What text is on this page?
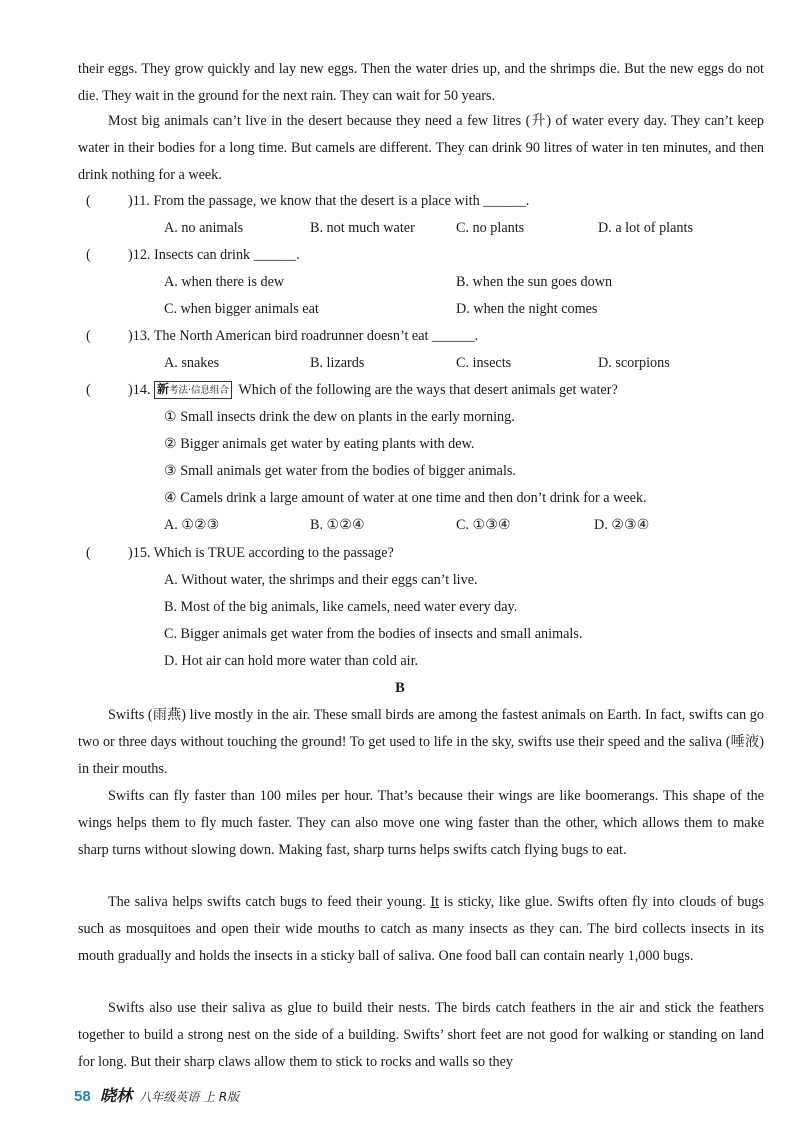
their eggs. They grow quickly and lay new eggs. Then the water dries up, and the shrimps die. But the new eggs do not die. They wait in the ground for the next rain. They can wait for 50 years.

Most big animals can’t live in the desert because they need a few litres (升) of water every day. They can’t keep water in their bodies for a long time. But camels are different. They can drink 90 litres of water in ten minutes, and then drink nothing for a week.

(	)11. From the passage, we know that the desert is a place with ______.
A. no animals	B. not much water	C. no plants	D. a lot of plants
(	)12. Insects can drink ______.
A. when there is dew	B. when the sun goes down
C. when bigger animals eat	D. when the night comes
(	)13. The North American bird roadrunner doesn’t eat ______.
A. snakes	B. lizards	C. insects	D. scorpions
(	)14. 新考法·信息组合 Which of the following are the ways that desert animals get water?
① Small insects drink the dew on plants in the early morning.
② Bigger animals get water by eating plants with dew.
③ Small animals get water from the bodies of bigger animals.
④ Camels drink a large amount of water at one time and then don’t drink for a week.
A. ①②③	B. ①②④	C. ①③④	D. ②③④
(	)15. Which is TRUE according to the passage?
A. Without water, the shrimps and their eggs can’t live.
B. Most of the big animals, like camels, need water every day.
C. Bigger animals get water from the bodies of insects and small animals.
D. Hot air can hold more water than cold air.
B

Swifts (雨燕) live mostly in the air. These small birds are among the fastest animals on Earth. In fact, swifts can go two or three days without touching the ground! To get used to life in the sky, swifts use their speed and the saliva (唾液) in their mouths.

Swifts can fly faster than 100 miles per hour. That’s because their wings are like boomerangs. This shape of the wings helps them to fly much faster. They can also move one wing faster than the other, which allows them to make sharp turns without slowing down. Making fast, sharp turns helps swifts catch flying bugs to eat.

The saliva helps swifts catch bugs to feed their young. It is sticky, like glue. Swifts often fly into clouds of bugs such as mosquitoes and open their wide mouths to catch as many insects as they can. The bird collects insects in its mouth gradually and holds the insects in a sticky ball of saliva. One food ball can contain nearly 1,000 bugs.

Swifts also use their saliva as glue to build their nests. The birds catch feathers in the air and stick the feathers together to build a strong nest on the side of a building. Swifts’ short feet are not good for walking or standing on land for long. But their sharp claws allow them to stick to rocks and walls so they

58 晓林 八年级英语 上 R版
